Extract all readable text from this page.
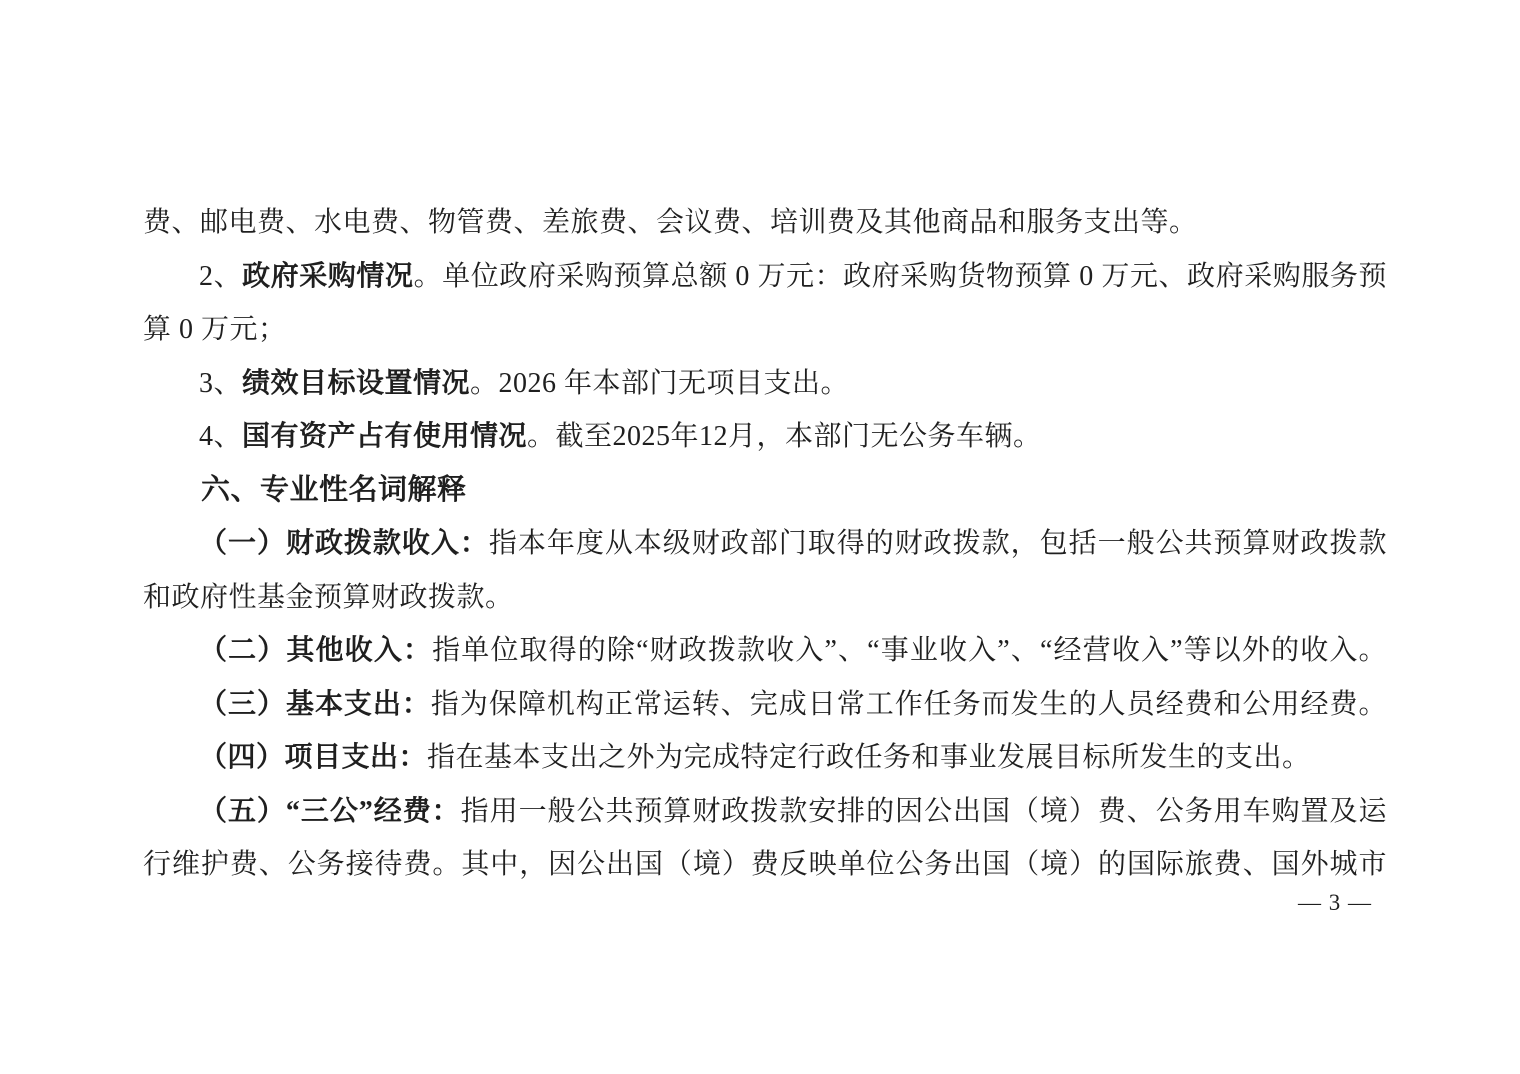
费、邮电费、水电费、物管费、差旅费、会议费、培训费及其他商品和服务支出等。
2、政府采购情况。单位政府采购预算总额 0 万元：政府采购货物预算 0 万元、政府采购服务预
算 0 万元；
3、绩效目标设置情况。2026 年本部门无项目支出。
4、国有资产占有使用情况。截至2025年12月，本部门无公务车辆。
六、专业性名词解释
（一）财政拨款收入：指本年度从本级财政部门取得的财政拨款，包括一般公共预算财政拨款
和政府性基金预算财政拨款。
（二）其他收入：指单位取得的除“财政拨款收入”、“事业收入”、“经营收入”等以外的收入。
（三）基本支出：指为保障机构正常运转、完成日常工作任务而发生的人员经费和公用经费。
（四）项目支出：指在基本支出之外为完成特定行政任务和事业发展目标所发生的支出。
（五）“三公”经费：指用一般公共预算财政拨款安排的因公出国（境）费、公务用车购置及运
行维护费、公务接待费。其中，因公出国（境）费反映单位公务出国（境）的国际旅费、国外城市
— 3 —
